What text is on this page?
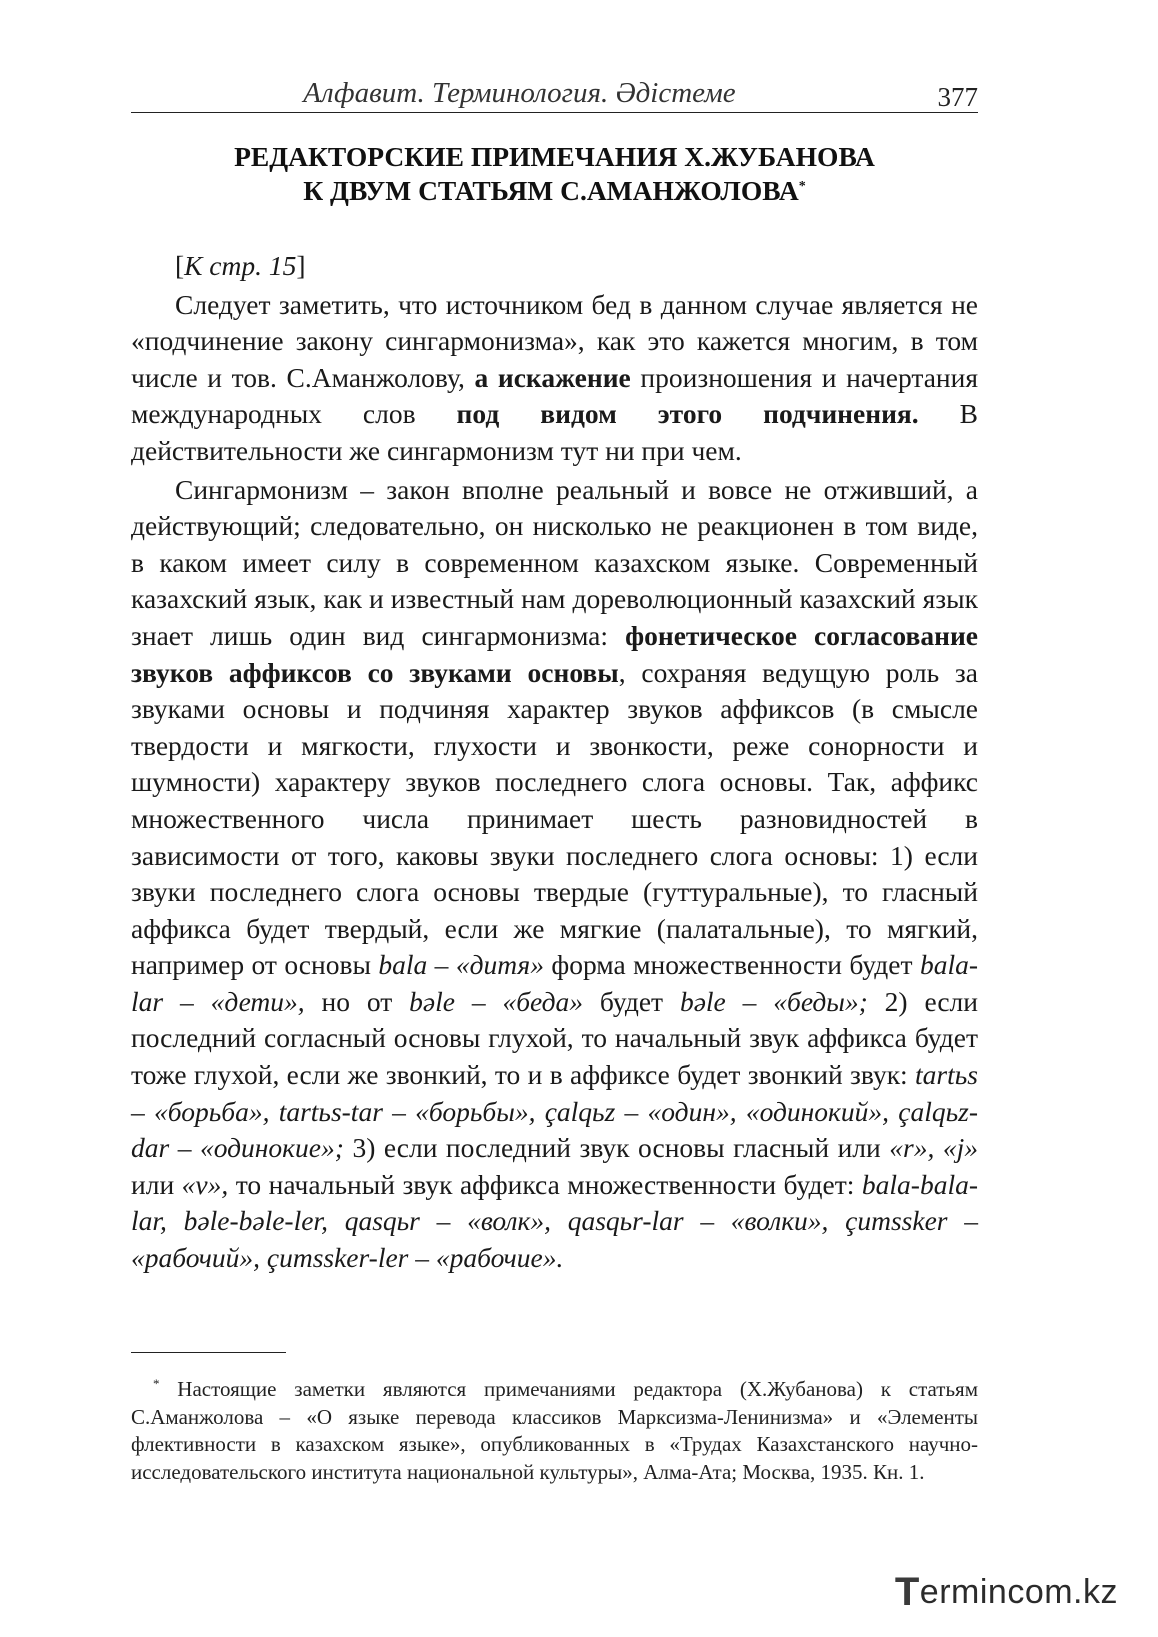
Алфавит. Терминология. Әдістеме	377
РЕДАКТОРСКИЕ ПРИМЕЧАНИЯ Х.ЖУБАНОВА
К ДВУМ СТАТЬЯМ С.АМАНЖОЛОВА*

[К стр. 15]

Следует заметить, что источником бед в данном случае является не «подчинение закону сингармонизма», как это кажется многим, в том числе и тов. С.Аманжолову, а искажение произношения и начертания международных слов под видом этого подчинения. В действительности же сингармонизм тут ни при чем.

Сингармонизм – закон вполне реальный и вовсе не отживший, а действующий; следовательно, он нисколько не реакционен в том виде, в каком имеет силу в современном казахском языке. Современный казахский язык, как и известный нам дореволюционный казахский язык знает лишь один вид сингармонизма: фонетическое согласование звуков аффиксов со звуками основы, сохраняя ведущую роль за звуками основы и подчиняя характер звуков аффиксов (в смысле твердости и мягкости, глухости и звонкости, реже сонорности и шумности) характеру звуков последнего слога основы. Так, аффикс множественного числа принимает шесть разновидностей в зависимости от того, каковы звуки последнего слога основы: 1) если звуки последнего слога основы твердые (гуттуральные), то гласный аффикса будет твердый, если же мягкие (палатальные), то мягкий, например от основы bala – «дитя» форма множественности будет bala-lar – «дети», но от bəle – «беда» будет bəle – «беды»; 2) если последний согласный основы глухой, то начальный звук аффикса будет тоже глухой, если же звонкий, то и в аффиксе будет звонкий звук: tartьs – «борьба», tartьs-tar – «борьбы», çalqьz – «один», «одинокий», çalqьz-dar – «одинокие»; 3) если последний звук основы гласный или «r», «j» или «v», то начальный звук аффикса множественности будет: bala-bala-lar, bəle-bəle-ler, qasqьr – «волк», qasqьr-lar – «волки», çumssker – «рабочий», çumssker-ler – «рабочие».

* Настоящие заметки являются примечаниями редактора (Х.Жубанова) к статьям С.Аманжолова – «О языке перевода классиков Марксизма-Ленинизма» и «Элементы флективности в казахском языке», опубликованных в «Трудах Казахстанского научно-исследовательского института национальной культуры», Алма-Ата; Москва, 1935. Кн. 1.

T ermincom.kz
